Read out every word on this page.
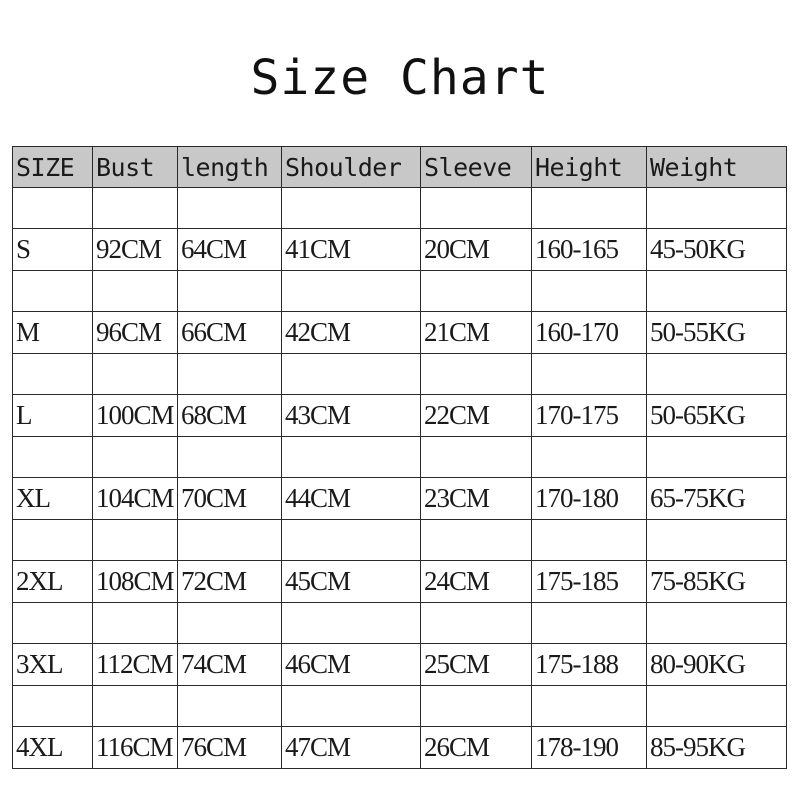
Size Chart
SIZE	Bust	length	Shoulder	Sleeve	Height	Weight

S	92CM	64CM	41CM	20CM	160-165	45-50KG

M	96CM	66CM	42CM	21CM	160-170	50-55KG

L	100CM	68CM	43CM	22CM	170-175	50-65KG

XL	104CM	70CM	44CM	23CM	170-180	65-75KG

2XL	108CM	72CM	45CM	24CM	175-185	75-85KG

3XL	112CM	74CM	46CM	25CM	175-188	80-90KG

4XL	116CM	76CM	47CM	26CM	178-190	85-95KG
